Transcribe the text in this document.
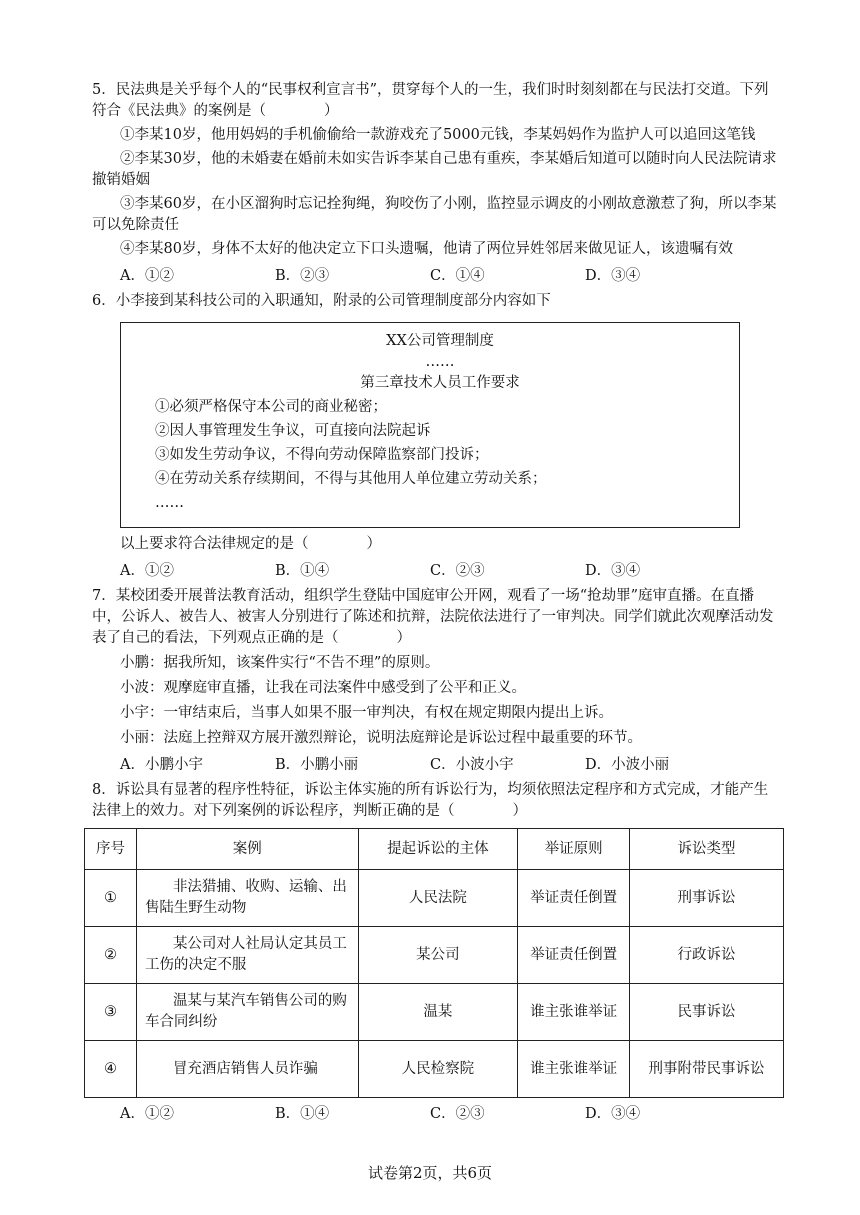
5．民法典是关乎每个人的“民事权利宣言书”，贯穿每个人的一生，我们时时刻刻都在与民法打交道。下列符合《民法典》的案例是（　　　　）

①李某10岁，他用妈妈的手机偷偷给一款游戏充了5000元钱，李某妈妈作为监护人可以追回这笔钱

②李某30岁，他的未婚妻在婚前未如实告诉李某自己患有重疾，李某婚后知道可以随时向人民法院请求撤销婚姻

③李某60岁，在小区溜狗时忘记拴狗绳，狗咬伤了小刚，监控显示调皮的小刚故意激惹了狗，所以李某可以免除责任

④李某80岁，身体不太好的他决定立下口头遗嘱，他请了两位异姓邻居来做见证人，该遗嘱有效

A．①②	B．②③	C．①④	D．③④

6．小李接到某科技公司的入职通知，附录的公司管理制度部分内容如下

XX公司管理制度
……
第三章技术人员工作要求
①必须严格保守本公司的商业秘密；
②因人事管理发生争议，可直接向法院起诉
③如发生劳动争议，不得向劳动保障监察部门投诉；
④在劳动关系存续期间，不得与其他用人单位建立劳动关系；
……

以上要求符合法律规定的是（　　　　）

A．①②	B．①④	C．②③	D．③④

7．某校团委开展普法教育活动，组织学生登陆中国庭审公开网，观看了一场“抢劫罪”庭审直播。在直播中，公诉人、被告人、被害人分别进行了陈述和抗辩，法院依法进行了一审判决。同学们就此次观摩活动发表了自己的看法，下列观点正确的是（　　　　）

小鹏：据我所知，该案件实行“不告不理”的原则。

小波：观摩庭审直播，让我在司法案件中感受到了公平和正义。

小宇：一审结束后，当事人如果不服一审判决，有权在规定期限内提出上诉。

小丽：法庭上控辩双方展开激烈辩论，说明法庭辩论是诉讼过程中最重要的环节。

A．小鹏小宇	B．小鹏小丽	C．小波小宇	D．小波小丽

8．诉讼具有显著的程序性特征，诉讼主体实施的所有诉讼行为，均须依照法定程序和方式完成，才能产生法律上的效力。对下列案例的诉讼程序，判断正确的是（　　　　）

序号	案例	提起诉讼的主体	举证原则	诉讼类型
①	非法猎捕、收购、运输、出售陆生野生动物	人民法院	举证责任倒置	刑事诉讼
②	某公司对人社局认定其员工工伤的决定不服	某公司	举证责任倒置	行政诉讼
③	温某与某汽车销售公司的购车合同纠纷	温某	谁主张谁举证	民事诉讼
④	冒充酒店销售人员诈骗	人民检察院	谁主张谁举证	刑事附带民事诉讼
A．①②	B．①④	C．②③	D．③④
试卷第2页，共6页
